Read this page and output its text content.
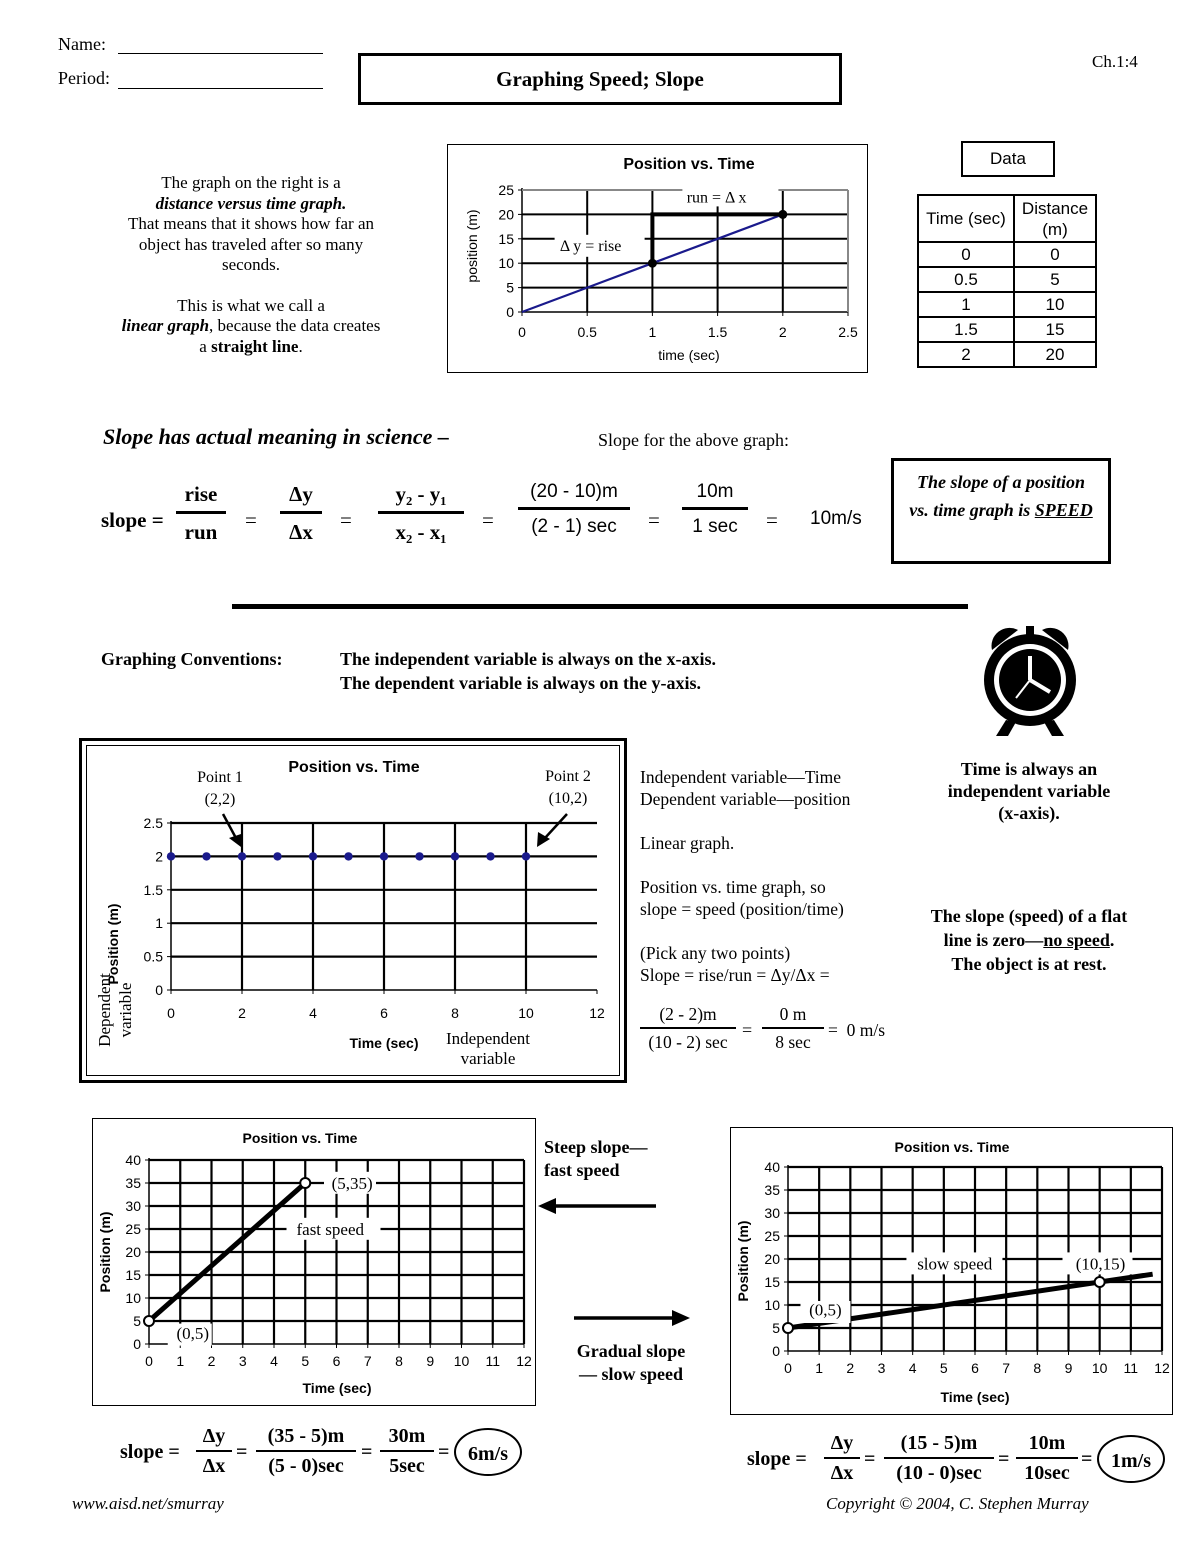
Name:
Period:	Graphing Speed; Slope
Ch.1:4
The graph on the right is a
distance versus time graph.
That means that it shows how far an object has traveled after so many seconds.
This is what we call a
linear graph, because the data creates a straight line.
0
5
10
15
20
25
0	0.5	1	1.5	2	2.5
Position vs. Time
time (sec)
position (m)
run = Δ x
Δ y = rise
Data
Time (sec)	Distance (m)
0	0
0.5	5
1	10
1.5	15
2	20
Slope has actual meaning in science –	Slope for the above graph:
slope =
rise
run	= $\frac{\Delta y}{\Delta x} = \frac{\text{y₂ - y₁}}{\text{x₂ - x₁}}$ =
(20 - 10)m
(2 - 1) sec	=
10m
1 sec	= 10m/s
The slope of a position vs. time graph is SPEED
Graphing Conventions:	The independent variable is always on the x-axis.
The dependent variable is always on the y-axis.
Time is always an independent variable (x-axis).
0
0.5
1
1.5
2
2.5
0	2	4	6	8	10	12
Position vs. Time
Time (sec)
Position (m)
Point 1
(2,2)
Point 2
(10,2)
Dependent variable
Independent
variable
Independent variable—Time
Dependent variable—position
Linear graph.
Position vs. time graph, so
slope = speed (position/time)
(Pick any two points)
Slope = rise/run = Δy/Δx =
(2 - 2)m
(10 - 2) sec
=
0 m
8 sec
=  0 m/s
The slope (speed) of a flat line is zero—no speed.
The object is at rest.
0
5
10
15
20
25
30
35
40
0 1 2 3 4 5 6 7 8 9 10 11 12
Position vs. Time
Time (sec)
Position (m)
(5,35)
fast speed
(0,5)
0
5
10
15
20
25
30
35
40
0 1 2 3 4 5 6 7 8 9 10 11 12
Position vs. Time
Time (sec)
Position (m)
(0,5)
slow speed	(10,15)
Steep slope— fast speed
Gradual slope — slow speed
slope = $\frac{\Delta y}{\Delta x}$ =
(35 - 5)m
(5 - 0)sec
=
30m
5sec
= 6m/s	slope = $\frac{\Delta y}{\Delta x}$ =
(15 - 5)m
(10 - 0)sec
=
10m
10sec
= 1m/s
www.aisd.net/smurray	Copyright © 2004, C. Stephen Murray
